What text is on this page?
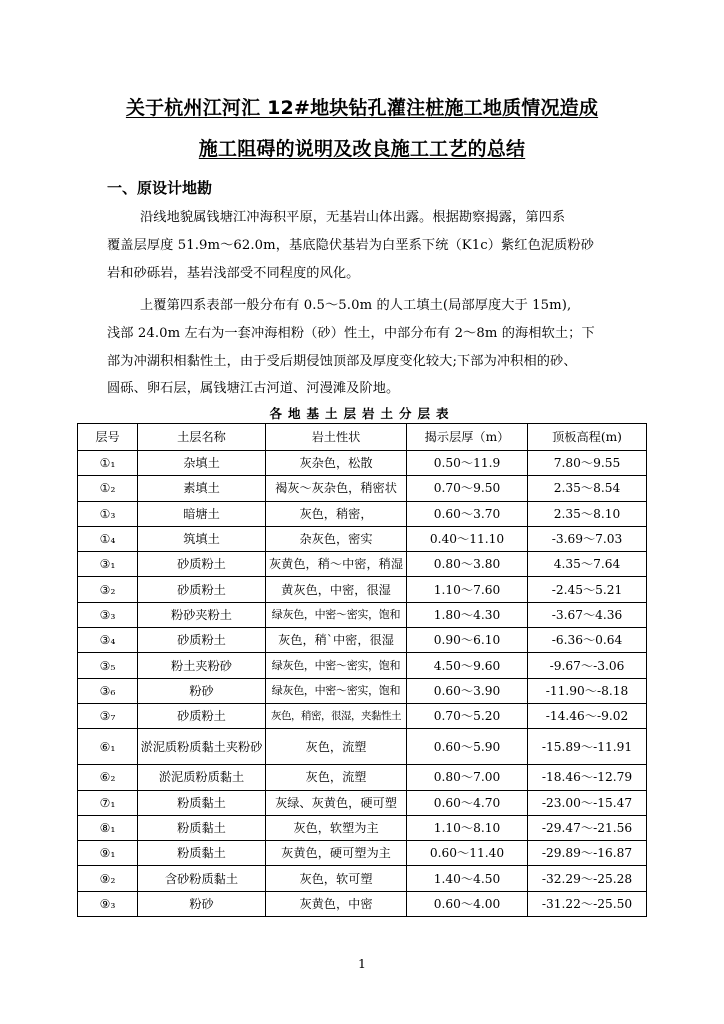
关于杭州江河汇 12#地块钻孔灌注桩施工地质情况造成
施工阻碍的说明及改良施工工艺的总结
一、原设计地勘
沿线地貌属钱塘江冲海积平原，无基岩山体出露。根据勘察揭露，第四系
覆盖层厚度 51.9m～62.0m，基底隐伏基岩为白垩系下统（K1c）紫红色泥质粉砂
岩和砂砾岩，基岩浅部受不同程度的风化。
上覆第四系表部一般分布有 0.5～5.0m 的人工填土(局部厚度大于 15m),
浅部 24.0m 左右为一套冲海相粉（砂）性土，中部分布有 2～8m 的海相软土；下
部为冲湖积相黏性土，由于受后期侵蚀顶部及厚度变化较大;下部为冲积相的砂、
圆砾、卵石层，属钱塘江古河道、河漫滩及阶地。
各地基土层岩土分层表
层号	土层名称	岩土性状	揭示层厚（m）	顶板高程(m)
①₁	杂填土	灰杂色，松散	0.50～11.9	7.80～9.55
①₂	素填土	褐灰～灰杂色，稍密状	0.70～9.50	2.35～8.54
①₃	暗塘土	灰色，稍密，	0.60～3.70	2.35～8.10
①₄	筑填土	杂灰色，密实	0.40～11.10	-3.69～7.03
③₁	砂质粉土	灰黄色，稍～中密，稍湿	0.80～3.80	4.35～7.64
③₂	砂质粉土	黄灰色，中密，很湿	1.10～7.60	-2.45～5.21
③₃	粉砂夹粉土	绿灰色，中密～密实，饱和	1.80～4.30	-3.67～4.36
③₄	砂质粉土	灰色，稍`中密，很湿	0.90～6.10	-6.36～0.64
③₅	粉土夹粉砂	绿灰色，中密～密实，饱和	4.50～9.60	-9.67～-3.06
③₆	粉砂	绿灰色，中密～密实，饱和	0.60～3.90	-11.90～-8.18
③₇	砂质粉土	灰色，稍密，很湿，夹黏性土	0.70～5.20	-14.46～-9.02
⑥₁	淤泥质粉质黏土夹粉砂	灰色，流塑	0.60～5.90	-15.89～-11.91
⑥₂	淤泥质粉质黏土	灰色，流塑	0.80～7.00	-18.46～-12.79
⑦₁	粉质黏土	灰绿、灰黄色，硬可塑	0.60～4.70	-23.00～-15.47
⑧₁	粉质黏土	灰色，软塑为主	1.10～8.10	-29.47～-21.56
⑨₁	粉质黏土	灰黄色，硬可塑为主	0.60～11.40	-29.89～-16.87
⑨₂	含砂粉质黏土	灰色，软可塑	1.40～4.50	-32.29～-25.28
⑨₃	粉砂	灰黄色，中密	0.60～4.00	-31.22～-25.50
1
